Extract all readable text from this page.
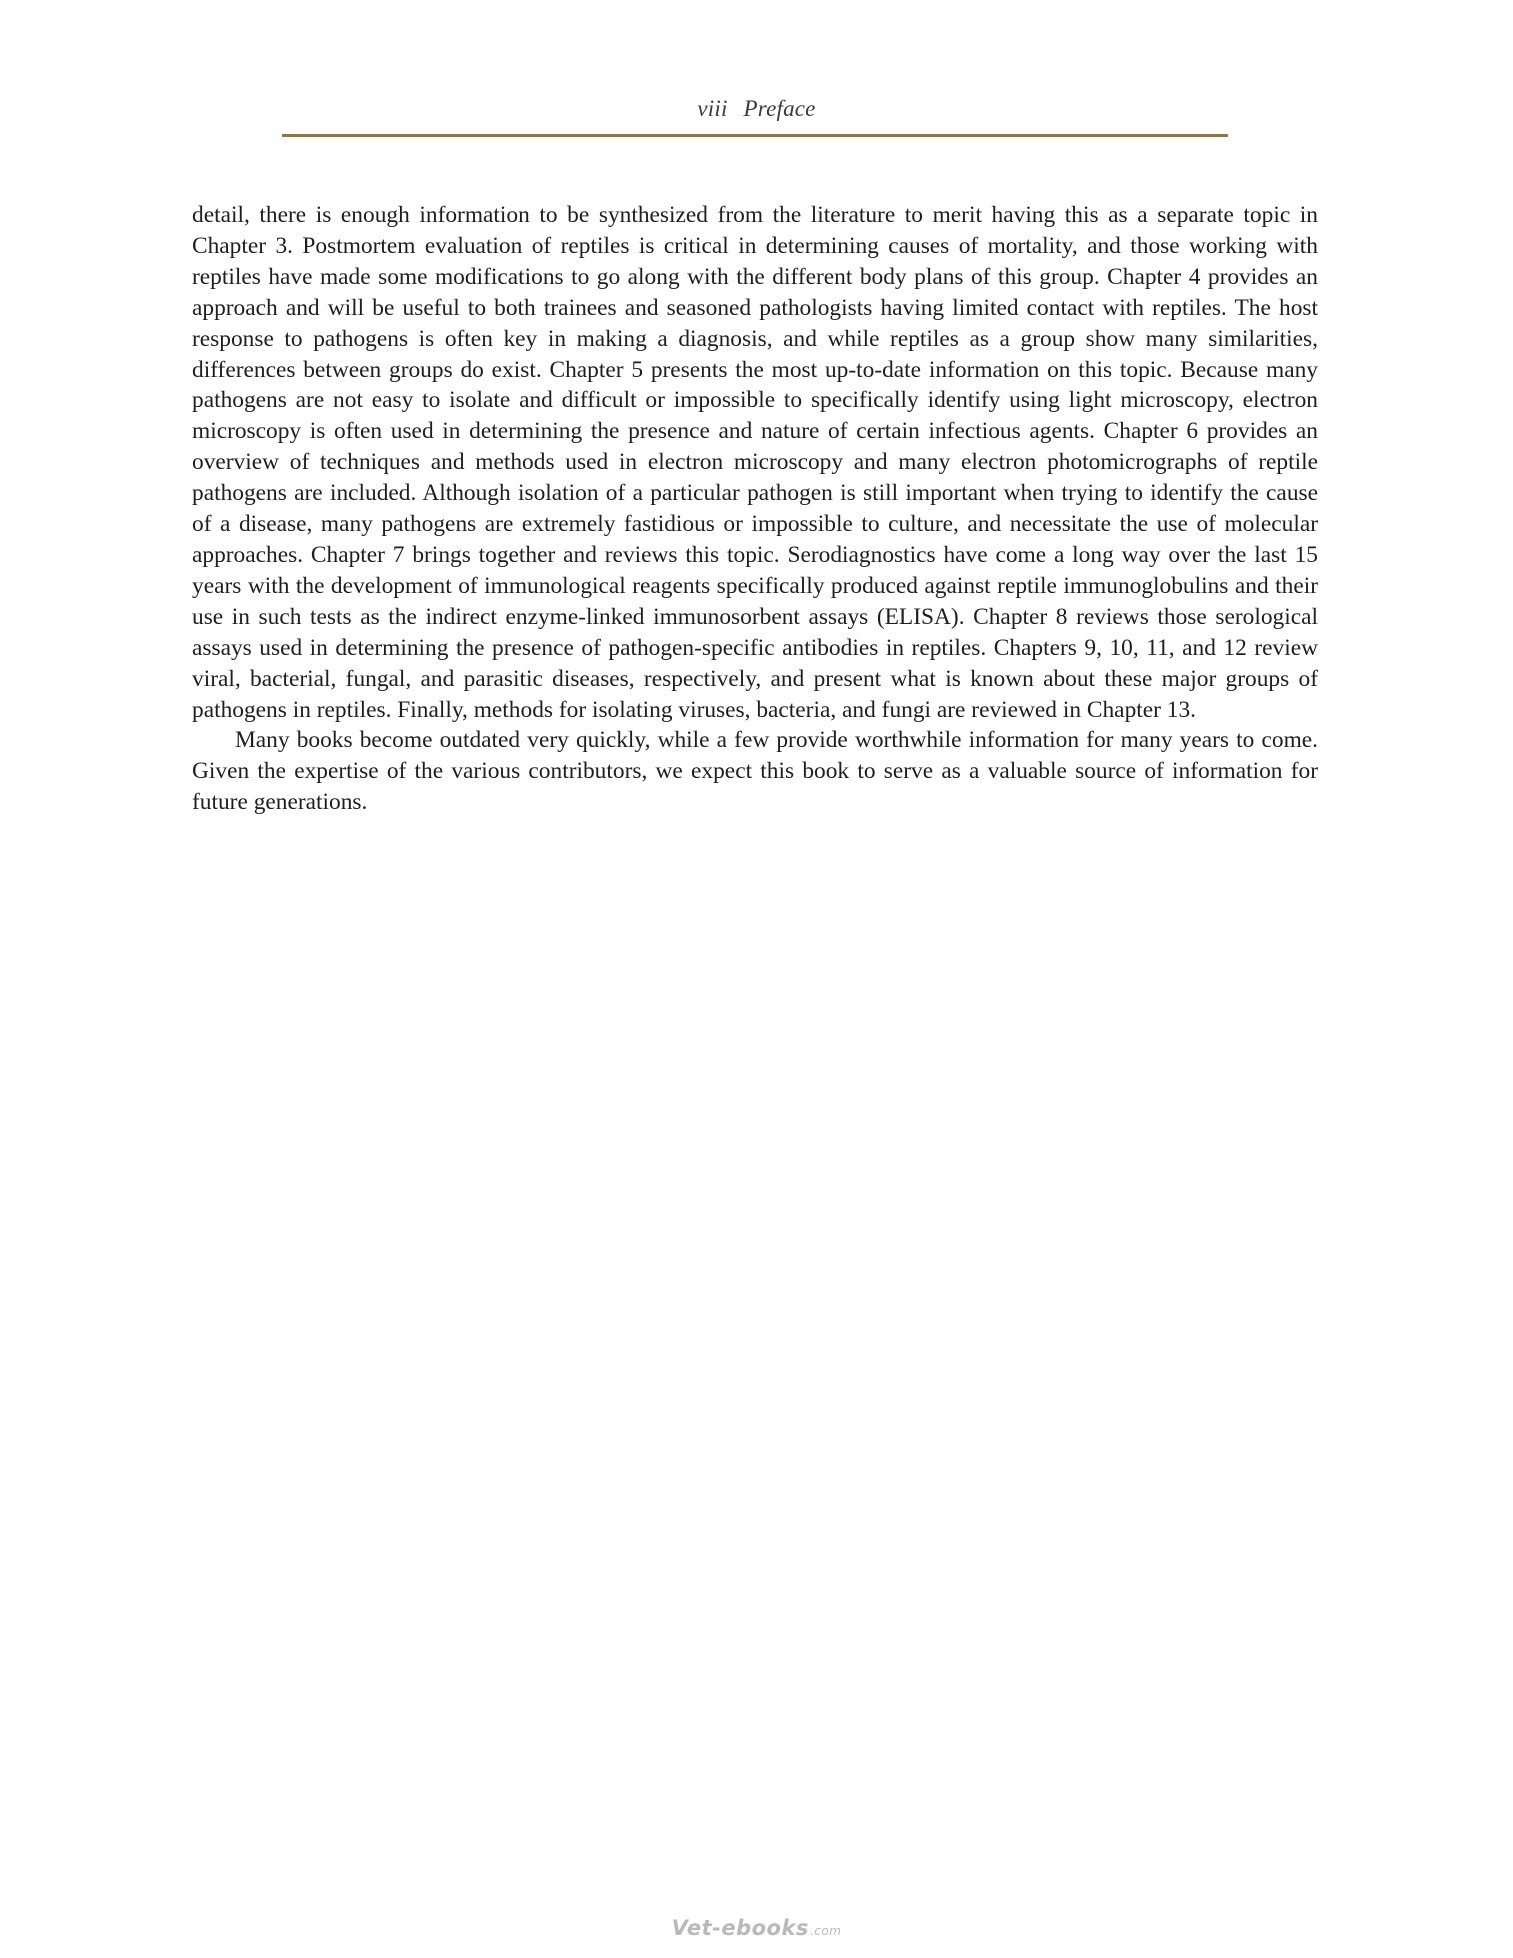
viii Preface

detail, there is enough information to be synthesized from the literature to merit having this as a separate topic in Chapter 3. Postmortem evaluation of reptiles is critical in determining causes of mortality, and those working with reptiles have made some modifications to go along with the different body plans of this group. Chapter 4 provides an approach and will be useful to both trainees and seasoned pathologists having limited contact with reptiles. The host response to pathogens is often key in making a diagnosis, and while reptiles as a group show many similarities, differences between groups do exist. Chapter 5 presents the most up-to-date information on this topic. Because many pathogens are not easy to isolate and difficult or impossible to specifically identify using light microscopy, electron microscopy is often used in determining the presence and nature of certain infectious agents. Chapter 6 provides an overview of techniques and methods used in electron microscopy and many electron photomicrographs of reptile pathogens are included. Although isolation of a particular pathogen is still important when trying to identify the cause of a disease, many pathogens are extremely fastidious or impossible to culture, and necessitate the use of molecular approaches. Chapter 7 brings together and reviews this topic. Serodiagnostics have come a long way over the last 15 years with the development of immunological reagents specifically produced against reptile immunoglobulins and their use in such tests as the indirect enzyme-linked immunosorbent assays (ELISA). Chapter 8 reviews those serological assays used in determining the presence of pathogen-specific antibodies in reptiles. Chapters 9, 10, 11, and 12 review viral, bacterial, fungal, and parasitic diseases, respectively, and present what is known about these major groups of pathogens in reptiles. Finally, methods for isolating viruses, bacteria, and fungi are reviewed in Chapter 13.

Many books become outdated very quickly, while a few provide worthwhile information for many years to come. Given the expertise of the various contributors, we expect this book to serve as a valuable source of information for future generations.

Vet-ebooks.com
